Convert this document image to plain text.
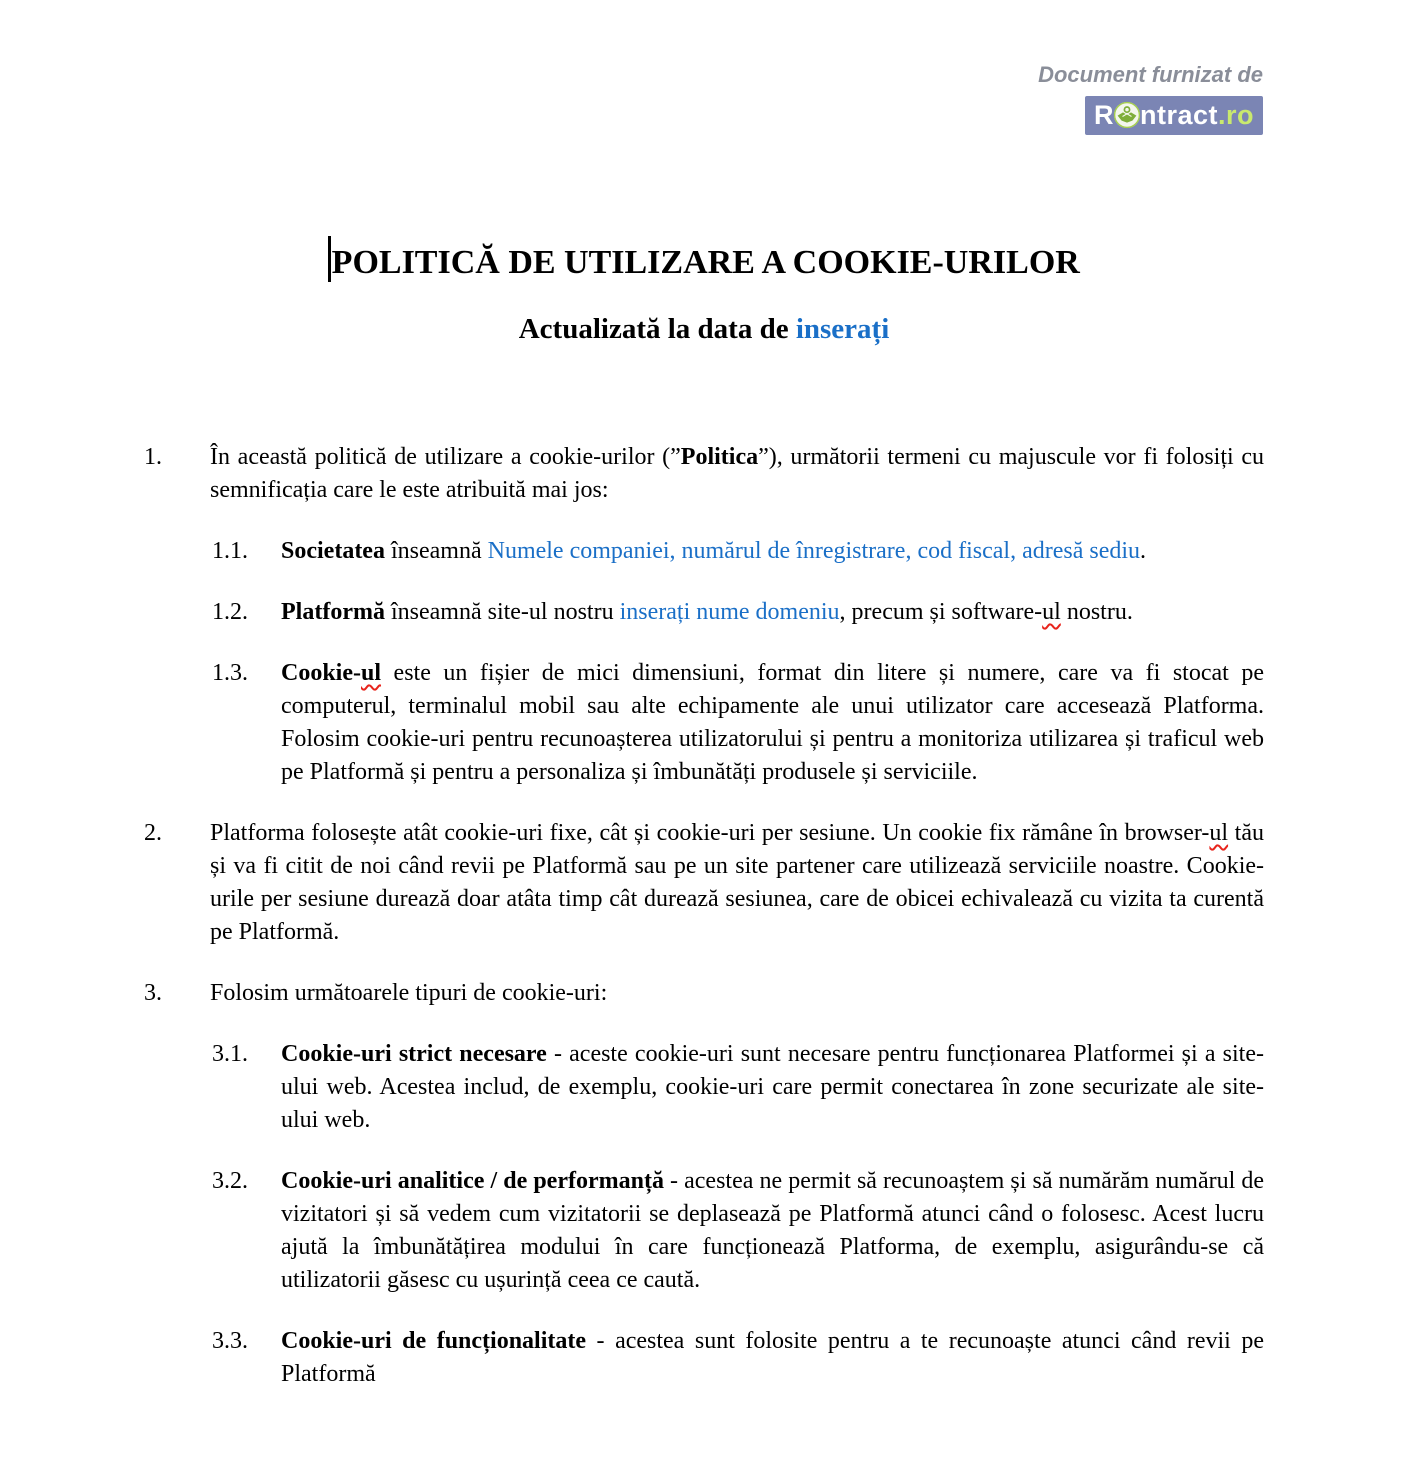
Document furnizat de
R ntract .ro
POLITICĂ DE UTILIZARE A COOKIE-URILOR
Actualizată la data de inserați
1. În această politică de utilizare a cookie-urilor (”Politica”), următorii termeni cu majuscule vor fi folosiți cu semnificația care le este atribuită mai jos:
1.1. Societatea înseamnă Numele companiei, numărul de înregistrare, cod fiscal, adresă sediu.
1.2. Platformă înseamnă site-ul nostru inserați nume domeniu, precum și software-ul nostru.
1.3. Cookie-ul este un fișier de mici dimensiuni, format din litere și numere, care va fi stocat pe computerul, terminalul mobil sau alte echipamente ale unui utilizator care accesează Platforma. Folosim cookie-uri pentru recunoașterea utilizatorului și pentru a monitoriza utilizarea și traficul web pe Platformă și pentru a personaliza și îmbunătăți produsele și serviciile.
2. Platforma folosește atât cookie-uri fixe, cât și cookie-uri per sesiune. Un cookie fix rămâne în browser-ul tău și va fi citit de noi când revii pe Platformă sau pe un site partener care utilizează serviciile noastre. Cookie-urile per sesiune durează doar atâta timp cât durează sesiunea, care de obicei echivalează cu vizita ta curentă pe Platformă.
3. Folosim următoarele tipuri de cookie-uri:
3.1. Cookie-uri strict necesare - aceste cookie-uri sunt necesare pentru funcționarea Platformei și a site-ului web. Acestea includ, de exemplu, cookie-uri care permit conectarea în zone securizate ale site-ului web.
3.2. Cookie-uri analitice / de performanță - acestea ne permit să recunoaștem și să numărăm numărul de vizitatori și să vedem cum vizitatorii se deplasează pe Platformă atunci când o folosesc. Acest lucru ajută la îmbunătățirea modului în care funcționează Platforma, de exemplu, asigurându-se că utilizatorii găsesc cu ușurință ceea ce caută.
3.3. Cookie-uri de funcționalitate - acestea sunt folosite pentru a te recunoaște atunci când revii pe Platformă
